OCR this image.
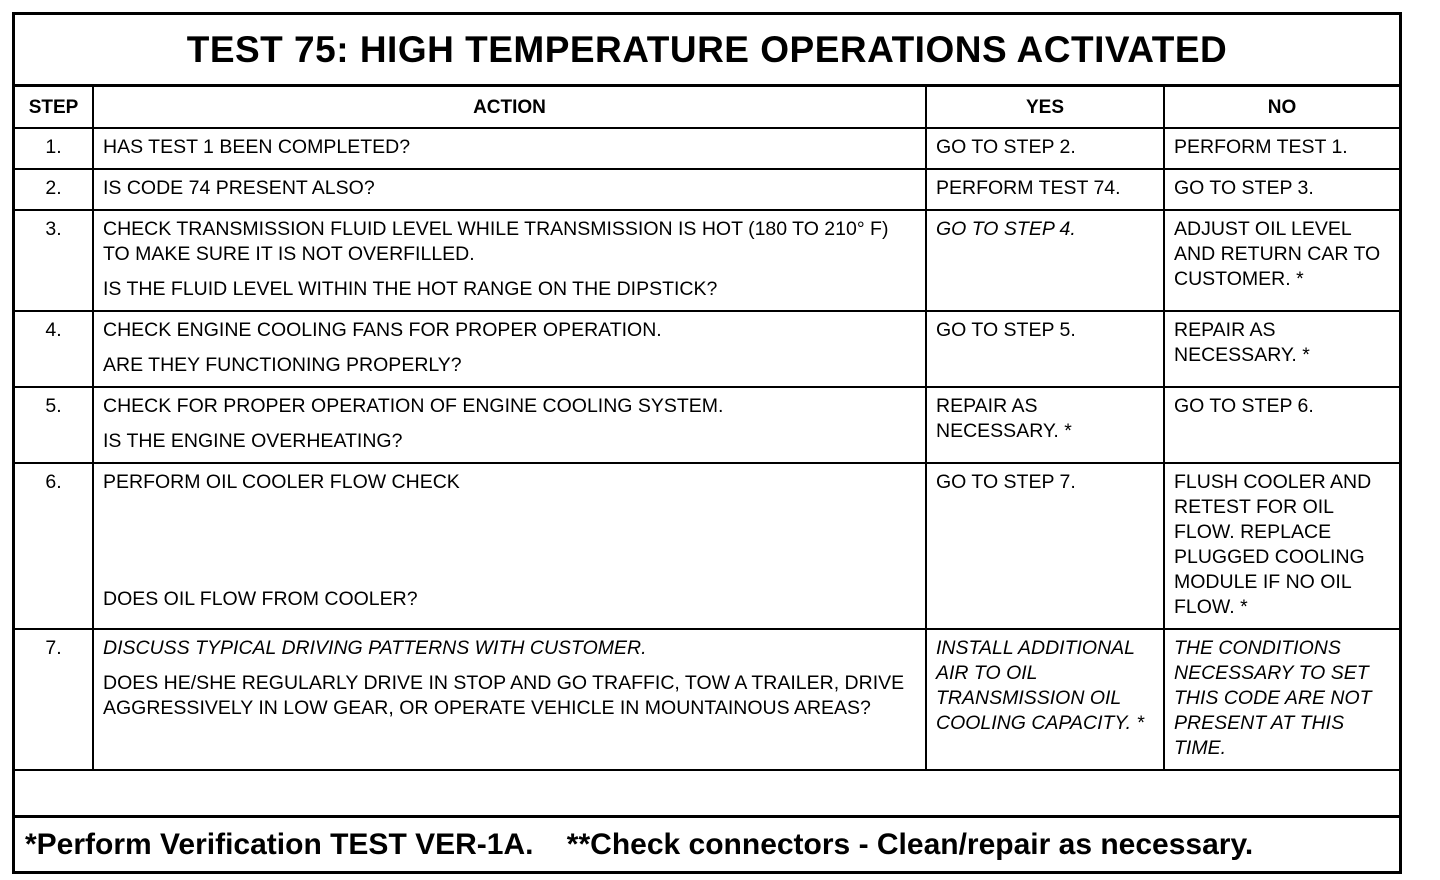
TEST 75: HIGH TEMPERATURE OPERATIONS ACTIVATED
STEP	ACTION	YES	NO
1.	HAS TEST 1 BEEN COMPLETED?	GO TO STEP 2.	PERFORM TEST 1.
2.	IS CODE 74 PRESENT ALSO?	PERFORM TEST 74.	GO TO STEP 3.
3.	CHECK TRANSMISSION FLUID LEVEL WHILE TRANSMISSION IS HOT (180 TO 210° F) TO MAKE SURE IT IS NOT OVERFILLED.
IS THE FLUID LEVEL WITHIN THE HOT RANGE ON THE DIPSTICK?	GO TO STEP 4.	ADJUST OIL LEVEL AND RETURN CAR TO CUSTOMER. *
4.	CHECK ENGINE COOLING FANS FOR PROPER OPERATION.
ARE THEY FUNCTIONING PROPERLY?	GO TO STEP 5.	REPAIR AS NECESSARY. *
5.	CHECK FOR PROPER OPERATION OF ENGINE COOLING SYSTEM.
IS THE ENGINE OVERHEATING?	REPAIR AS NECESSARY. *	GO TO STEP 6.
6.	PERFORM OIL COOLER FLOW CHECK
DOES OIL FLOW FROM COOLER?	GO TO STEP 7.	FLUSH COOLER AND RETEST FOR OIL FLOW. REPLACE PLUGGED COOLING MODULE IF NO OIL FLOW. *
7.	DISCUSS TYPICAL DRIVING PATTERNS WITH CUSTOMER.
DOES HE/SHE REGULARLY DRIVE IN STOP AND GO TRAFFIC, TOW A TRAILER, DRIVE AGGRESSIVELY IN LOW GEAR, OR OPERATE VEHICLE IN MOUNTAINOUS AREAS?	INSTALL ADDITIONAL AIR TO OIL TRANSMISSION OIL COOLING CAPACITY. *	THE CONDITIONS NECESSARY TO SET THIS CODE ARE NOT PRESENT AT THIS TIME.
*Perform Verification TEST VER-1A.    **Check connectors - Clean/repair as necessary.
